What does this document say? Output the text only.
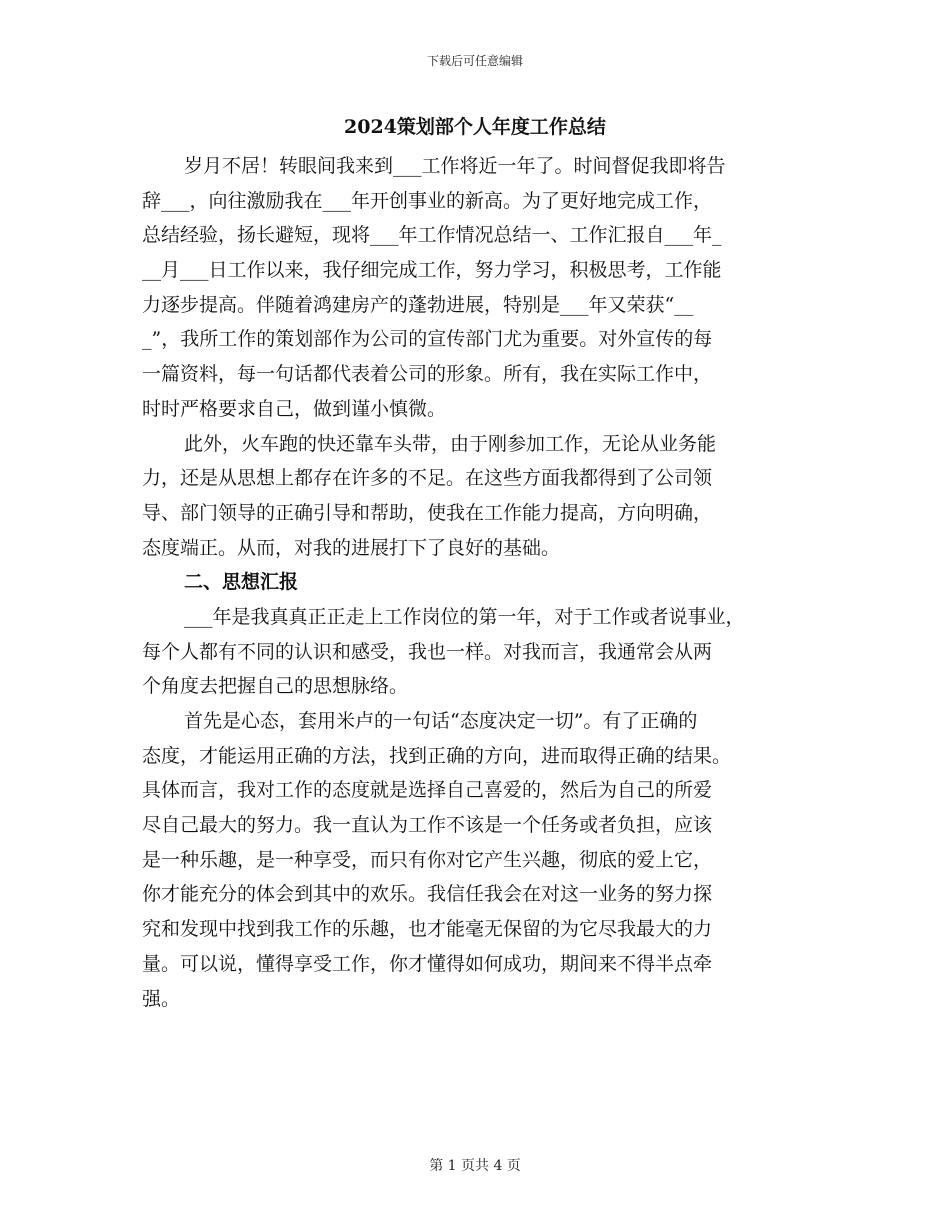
下载后可任意编辑
2024策划部个人年度工作总结
岁月不居！转眼间我来到___工作将近一年了。时间督促我即将告
辞___，向往激励我在___年开创事业的新高。为了更好地完成工作，
总结经验，扬长避短，现将___年工作情况总结一、工作汇报自___年_
__月___日工作以来，我仔细完成工作，努力学习，积极思考，工作能
力逐步提高。伴随着鸿建房产的蓬勃进展，特别是___年又荣获“__
_”，我所工作的策划部作为公司的宣传部门尤为重要。对外宣传的每
一篇资料，每一句话都代表着公司的形象。所有，我在实际工作中，
时时严格要求自己，做到谨小慎微。
此外，火车跑的快还靠车头带，由于刚参加工作，无论从业务能
力，还是从思想上都存在许多的不足。在这些方面我都得到了公司领
导、部门领导的正确引导和帮助，使我在工作能力提高，方向明确，
态度端正。从而，对我的进展打下了良好的基础。
二、思想汇报
___年是我真真正正走上工作岗位的第一年，对于工作或者说事业，
每个人都有不同的认识和感受，我也一样。对我而言，我通常会从两
个角度去把握自己的思想脉络。
首先是心态，套用米卢的一句话“态度决定一切”。有了正确的
态度，才能运用正确的方法，找到正确的方向，进而取得正确的结果。
具体而言，我对工作的态度就是选择自己喜爱的，然后为自己的所爱
尽自己最大的努力。我一直认为工作不该是一个任务或者负担，应该
是一种乐趣，是一种享受，而只有你对它产生兴趣，彻底的爱上它，
你才能充分的体会到其中的欢乐。我信任我会在对这一业务的努力探
究和发现中找到我工作的乐趣，也才能毫无保留的为它尽我最大的力
量。可以说，懂得享受工作，你才懂得如何成功，期间来不得半点牵
强。
第 1 页共 4 页
